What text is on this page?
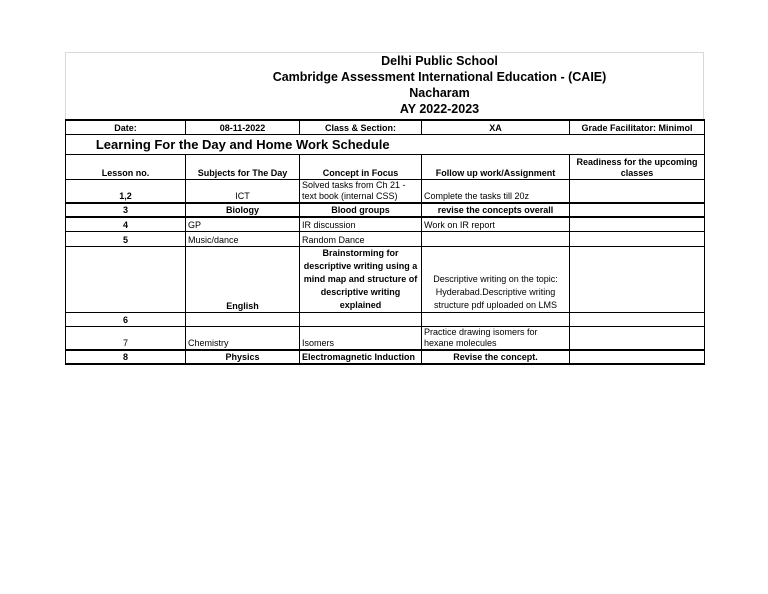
Delhi Public School
Cambridge Assessment International Education - (CAIE)
Nacharam
AY 2022-2023
Date:	08-11-2022	Class & Section:	XA	Grade Facilitator: Minimol
Learning For the Day and Home Work Schedule				
Lesson no.	Subjects for The Day	Concept in Focus	Follow up work/Assignment	Readiness for the upcoming classes
1,2	ICT	Solved tasks from Ch 21 - text book (internal CSS)	Complete the tasks till 20z	
3	Biology	Blood groups	revise the concepts overall	
4	GP	IR discussion	Work on IR report	
5	Music/dance	Random Dance		
	English	Brainstorming for descriptive writing using a mind map and structure of descriptive writing explained	Descriptive writing on the topic: Hyderabad.Descriptive writing structure pdf uploaded on LMS	
6				
7	Chemistry	Isomers	Practice drawing isomers for hexane molecules	
8	Physics	Electromagnetic Induction	Revise the concept.	
